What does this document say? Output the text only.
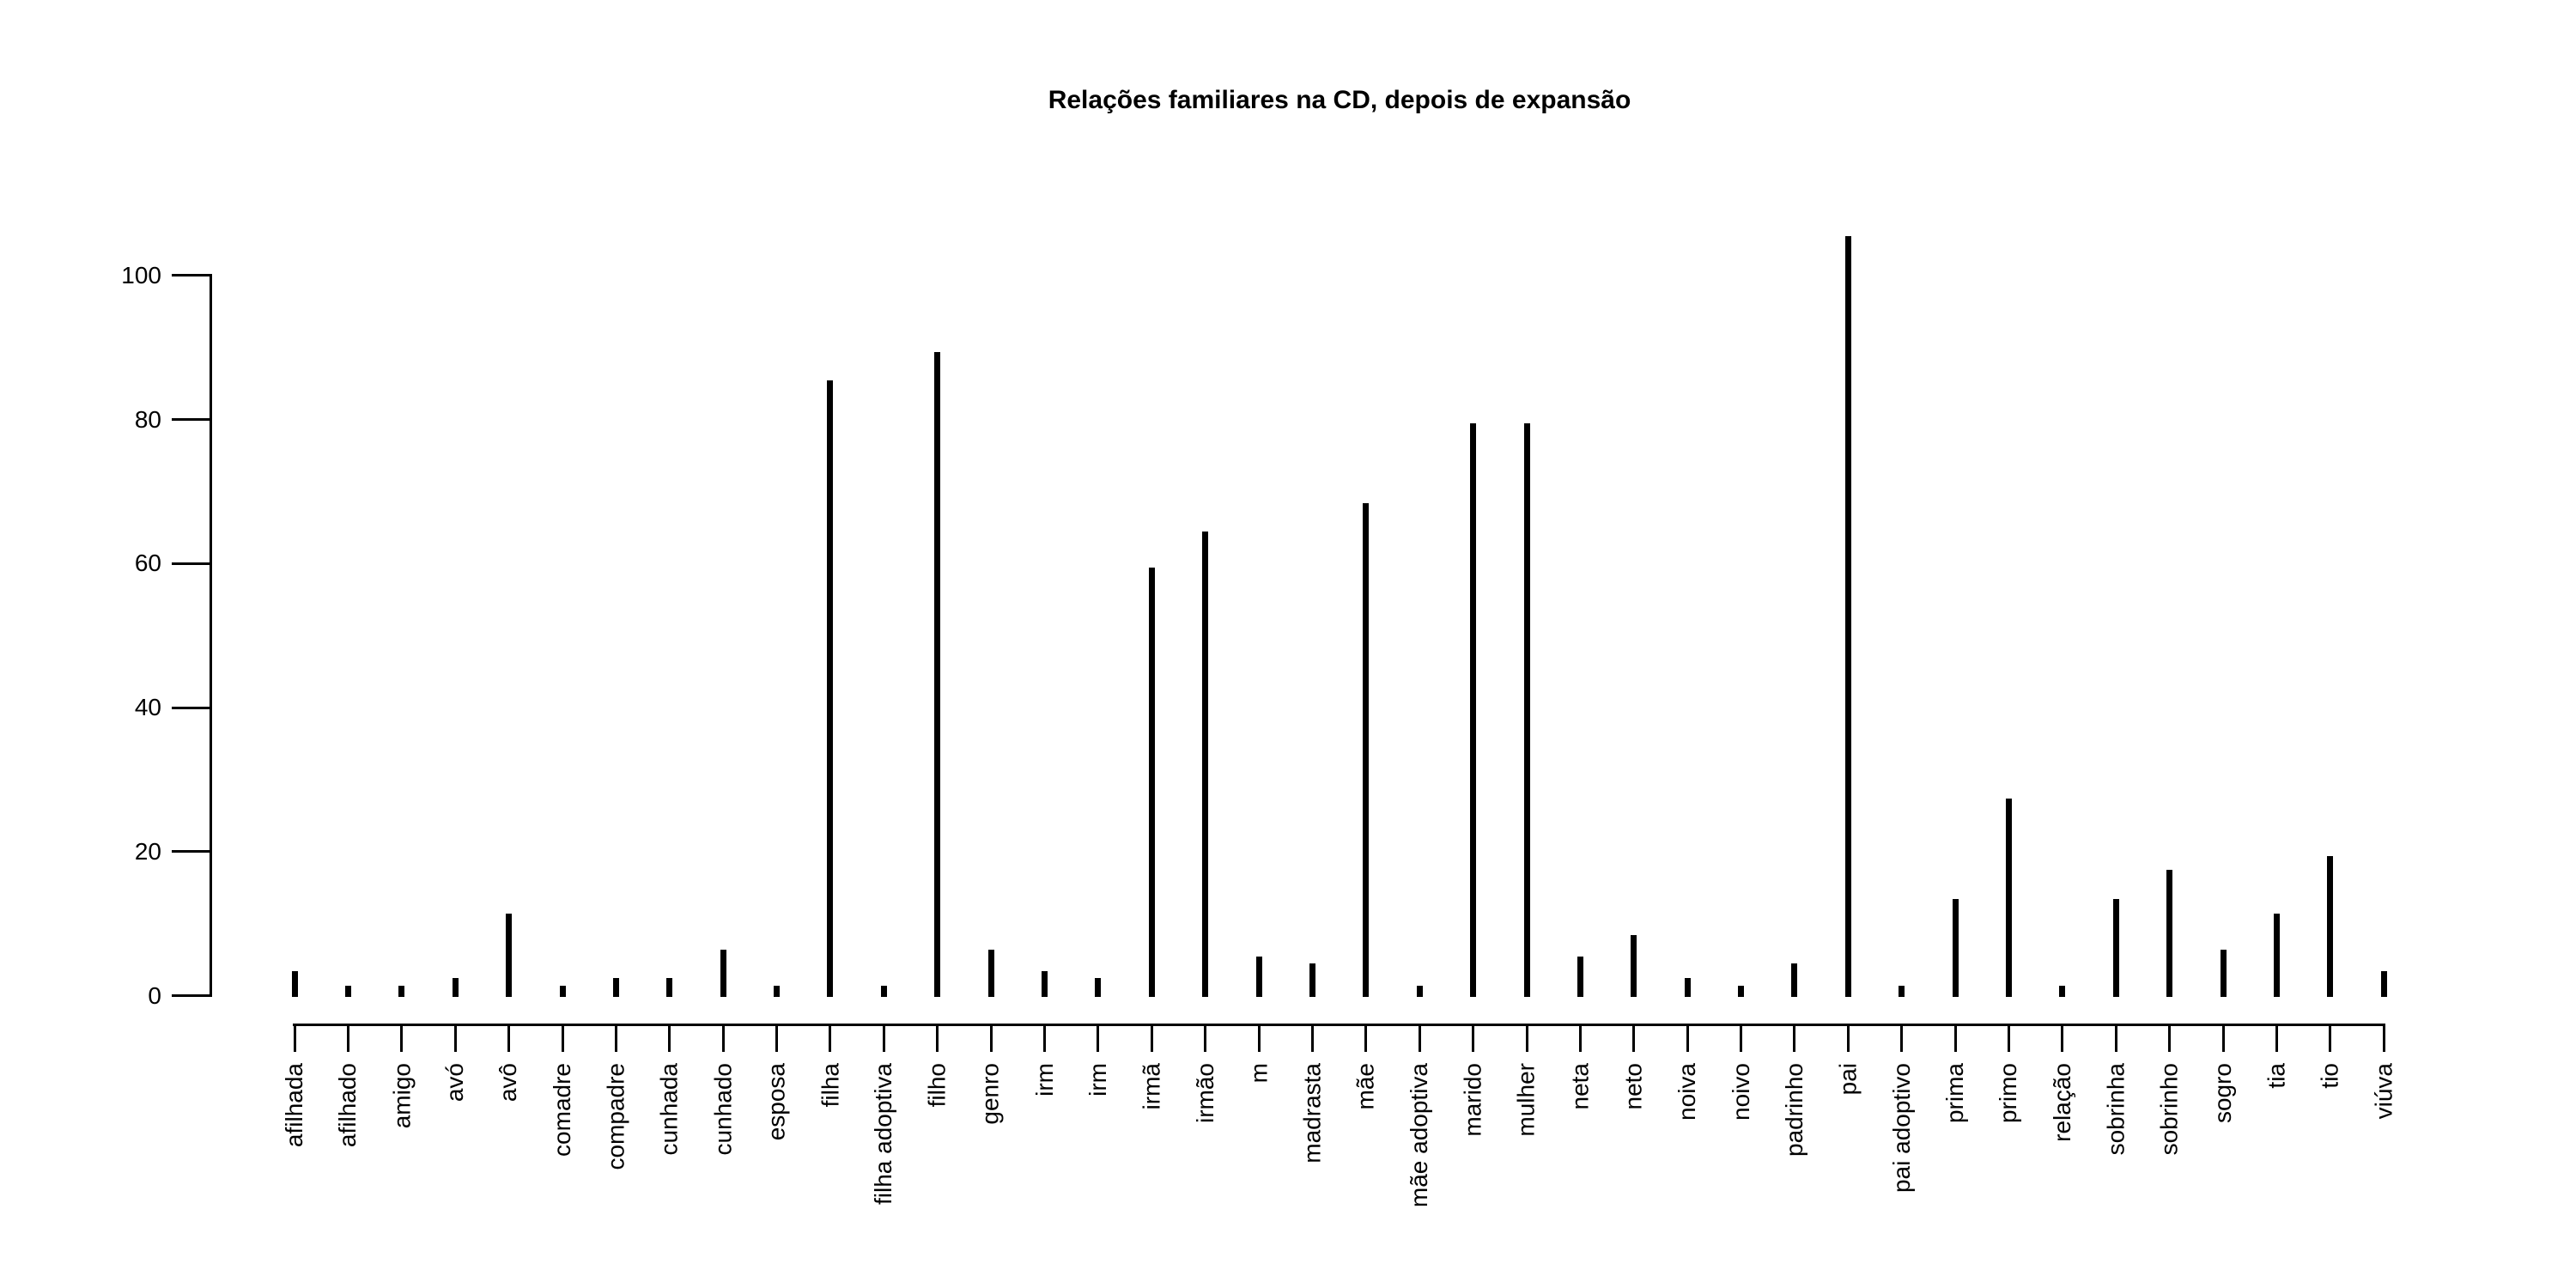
Relações familiares na CD, depois de expansão
0
20
40
60
80
100
afilhada afilhado amigo avó avô comadre compadre cunhada cunhado esposa filha filha adoptiva filho genro irm irm irmã irmão m madrasta mãe mãe adoptiva marido mulher neta neto noiva noivo padrinho pai pai adoptivo prima primo relação sobrinha sobrinho sogro tia tio viúva
